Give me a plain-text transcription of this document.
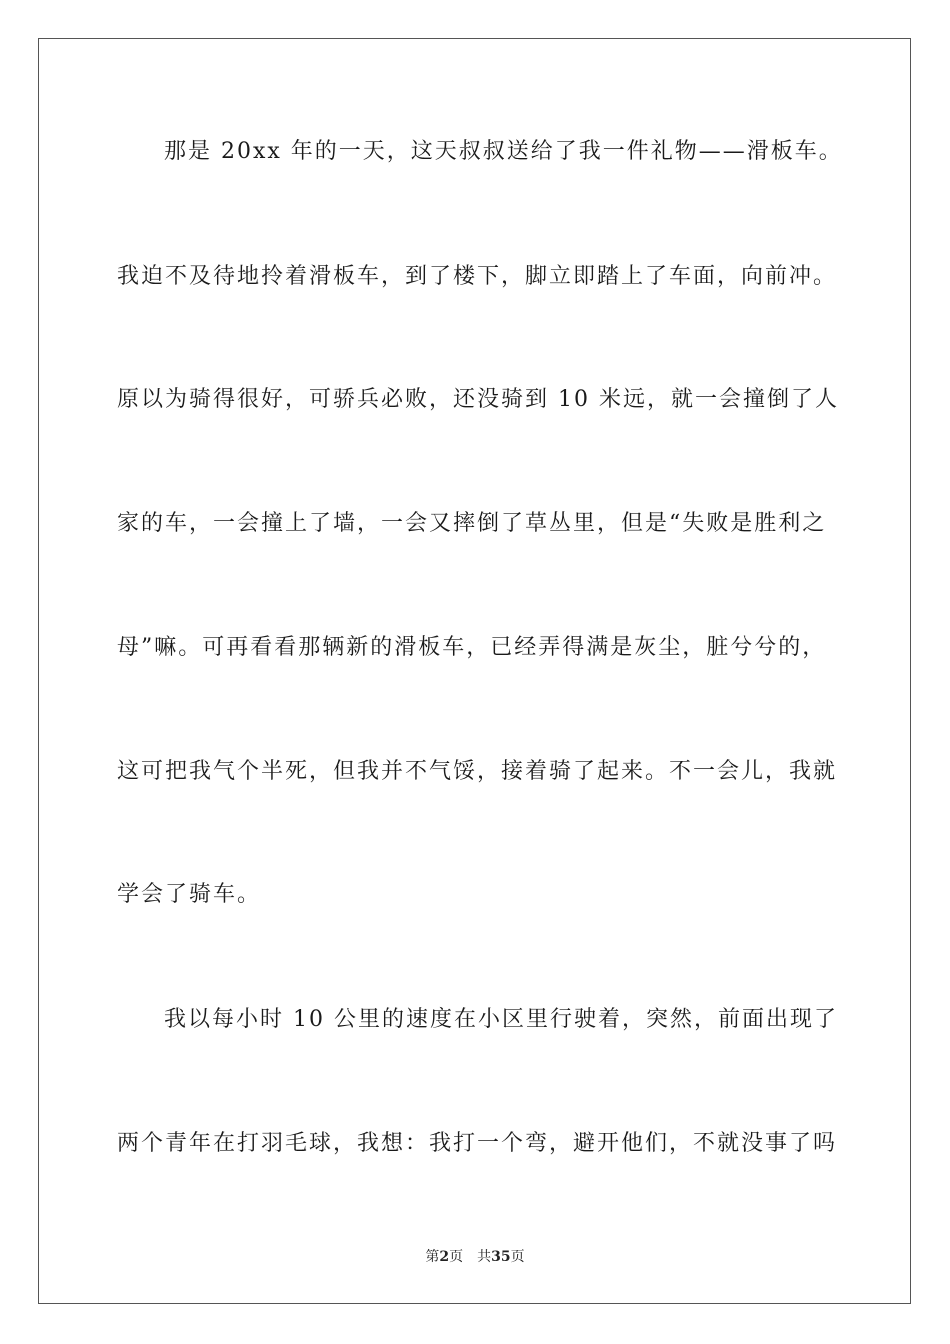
那是 20xx 年的一天，这天叔叔送给了我一件礼物——滑板车。
我迫不及待地拎着滑板车，到了楼下，脚立即踏上了车面，向前冲。
原以为骑得很好，可骄兵必败，还没骑到 10 米远，就一会撞倒了人
家的车，一会撞上了墙，一会又摔倒了草丛里，但是“失败是胜利之
母”嘛。可再看看那辆新的滑板车，已经弄得满是灰尘，脏兮兮的，
这可把我气个半死，但我并不气馁，接着骑了起来。不一会儿，我就
学会了骑车。
我以每小时 10 公里的速度在小区里行驶着，突然，前面出现了
两个青年在打羽毛球，我想：我打一个弯，避开他们，不就没事了吗
第2页 共35页
